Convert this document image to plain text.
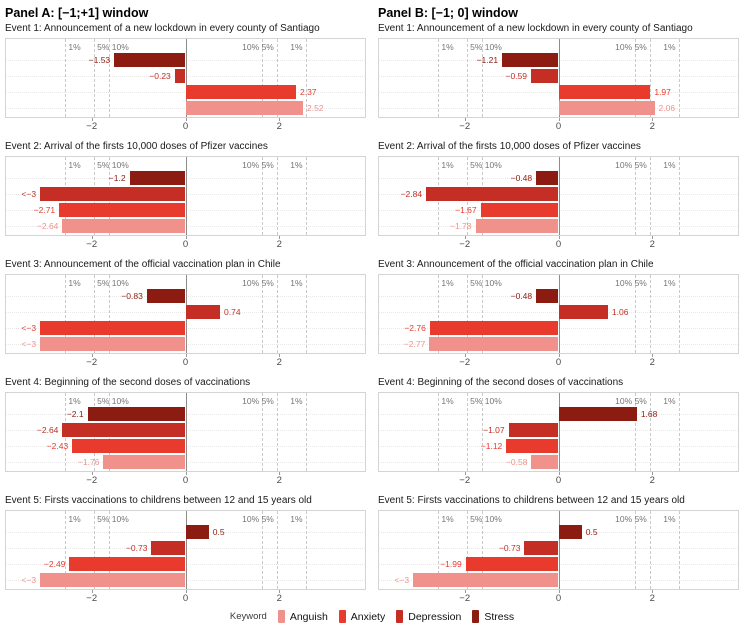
Panel A: [−1;+1] window
Event 1: Announcement of a new lockdown in every county of Santiago
1% 5% 10%	10% 5% 1%
−1.53
−0.23
2.37
2.52
−2	0	2
Panel B: [−1; 0] window
Event 1: Announcement of a new lockdown in every county of Santiago
1% 5% 10%	10% 5% 1%
−1.21
−0.59
1.97
2.06
−2	0	2
Event 2: Arrival of the firsts 10,000 doses of Pfizer vaccines
1% 5% 10%	10% 5% 1%
−1.2
<−3
−2.71
−2.64
−2	0	2
Event 2: Arrival of the firsts 10,000 doses of Pfizer vaccines
1% 5% 10%	10% 5% 1%
−0.48
−2.84
−1.67
−1.78
−2	0	2
Event 3: Announcement of the official vaccination plan in Chile
1% 5% 10%	10% 5% 1%
−0.83
0.74
<−3
<−3
−2	0	2
Event 3: Announcement of the official vaccination plan in Chile
1% 5% 10%	10% 5% 1%
−0.48
1.06
−2.76
−2.77
−2	0	2
Event 4: Beginning of the second doses of vaccinations
1% 5% 10%	10% 5% 1%
−2.1
−2.64
−2.43
−1.76
−2	0	2
Event 4: Beginning of the second doses of vaccinations
1% 5% 10%	10% 5% 1%
1.68
−1.07
−1.12
−0.58
−2	0	2
Event 5: Firsts vaccinations to childrens between 12 and 15 years old
1% 5% 10%	10% 5% 1%
0.5
−0.73
−2.49
<−3
−2	0	2
Event 5: Firsts vaccinations to childrens between 12 and 15 years old
1% 5% 10%	10% 5% 1%
0.5
−0.73
−1.99
<−3
−2	0	2
Keyword Anguish Anxiety Depression Stress
